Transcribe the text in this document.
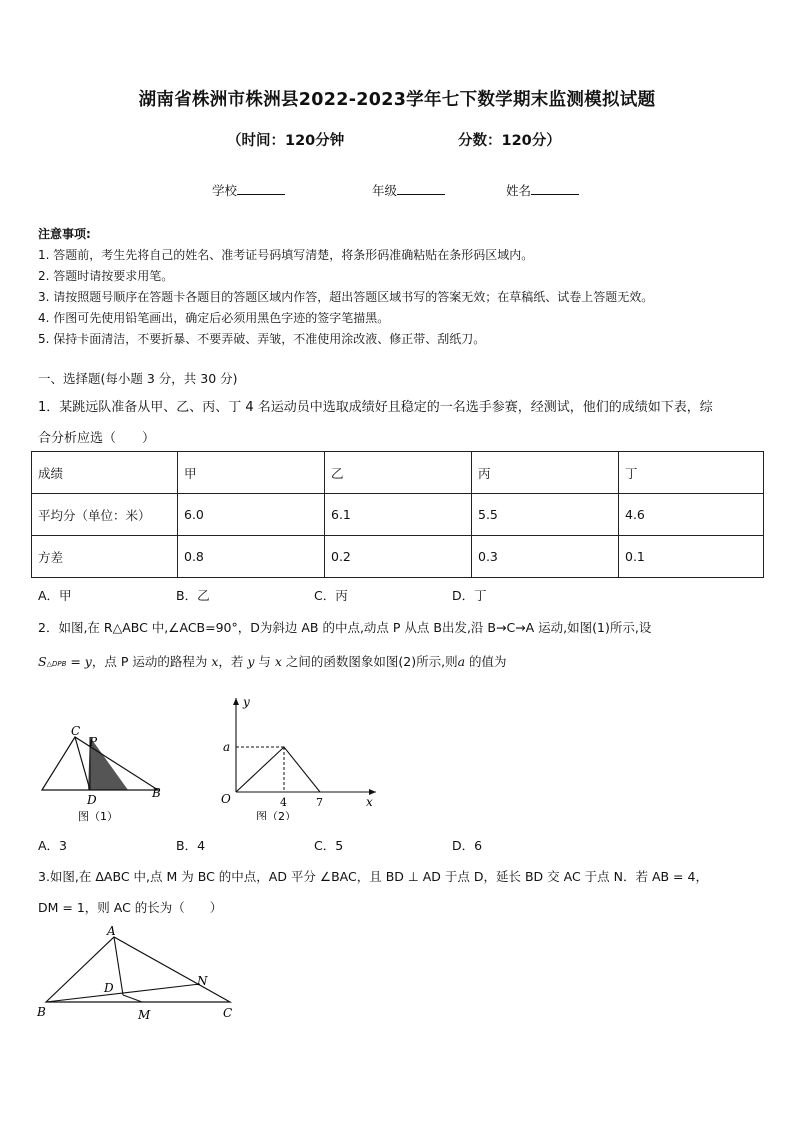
湖南省株洲市株洲县2022-2023学年七下数学期末监测模拟试题
（时间：120分钟	分数：120分）
学校	年级	姓名
注意事项:
1. 答题前，考生先将自己的姓名、准考证号码填写清楚，将条形码准确粘贴在条形码区域内。
2. 答题时请按要求用笔。
3. 请按照题号顺序在答题卡各题目的答题区域内作答，超出答题区域书写的答案无效；在草稿纸、试卷上答题无效。
4. 作图可先使用铅笔画出，确定后必须用黑色字迹的签字笔描黑。
5. 保持卡面清洁，不要折暴、不要弄破、弄皱，不准使用涂改液、修正带、刮纸刀。
一、选择题(每小题 3 分，共 30 分)
1．某跳远队准备从甲、乙、丙、丁 4 名运动员中选取成绩好且稳定的一名选手参赛，经测试，他们的成绩如下表，综
合分析应选（　　）
成绩	甲	乙	丙	丁
平均分（单位：米）	6.0	6.1	5.5	4.6
方差	0.8	0.2	0.3	0.1
A．甲	B．乙	C．丙	D．丁
2．如图,在 R△ABC 中,∠ACB=90°，D为斜边 AB 的中点,动点 P 从点 B出发,沿 B→C→A 运动,如图(1)所示,设
S△DPB = y，点 P 运动的路程为 x，若 y 与 x 之间的函数图象如图(2)所示,则a 的值为
C
P
B
D
图（1）
y
x
a
O	4	7
图（2）
A．3	B．4	C．5	D．6
3.如图,在 ΔABC 中,点 M 为 BC 的中点，AD 平分 ∠BAC，且 BD ⊥ AD 于点 D，延长 BD 交 AC 于点 N．若 AB = 4，
DM = 1，则 AC 的长为（　　）
A
D	N
B	M	C
